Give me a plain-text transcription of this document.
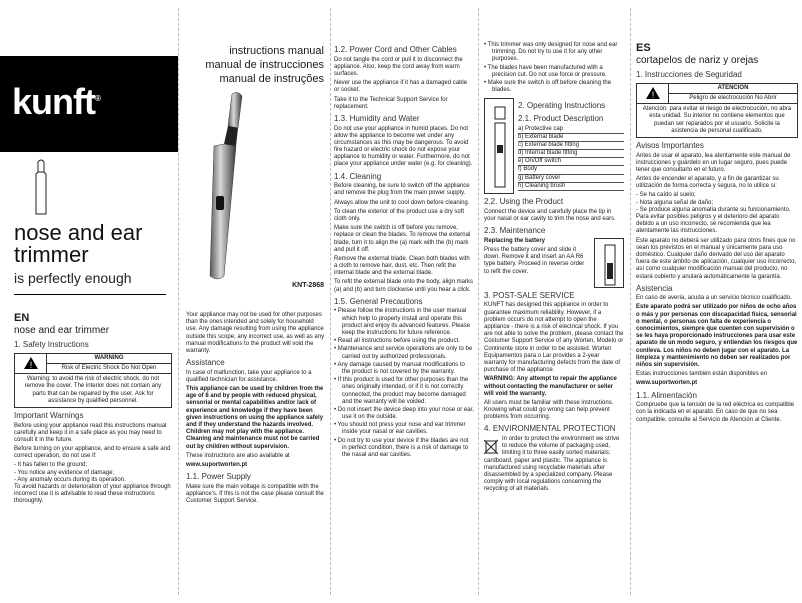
kunft®
nose and ear
trimmer
is perfectly enough
EN
nose and ear trimmer
1. Safety Instructions
!
WARNING
Risk of Electric Shock Do Not Open
Warning: to avoid the risk of electric shock, do not remove the cover. The interior does not contain any parts that can be repaired by the user. Ask for assistance by qualified personnel.
Important Warnings

Before using your appliance read this instructions manual carefully and keep it in a safe place as you may need to consult it in the future.

Before turning on your appliance, and to ensure a safe and correct operation, do not use if:

- It has fallen to the ground;
- You notice any evidence of damage;
- Any anomaly occurs during its operation.

To avoid hazards or deterioration of your appliance through incorrect use it is advisable to read these instructions thoroughly.

instructions manual
manual de instrucciones
manual de instruções
KNT-2868

Your appliance may not be used for other purposes than the ones intended and solely for household use. Any damage resulting from using the appliance outside this scope, any incorrect use, as well as any manual modifications to the product will void the warranty.

Assistance

In case of malfunction, take your appliance to a qualified technician for assistance.

This appliance can be used by children from the age of 8 and by people with reduced physical, sensorial or mental capabilities and/or lack of experience and knowledge if they have been given instructions on using the appliance safely and if they understand the hazards involved. Children may not play with the appliance. Cleaning and maintenance must not be carried out by children without supervision.

These instructions are also available at

www.suportworten.pt

1.1. Power Supply

Make sure the main voltage is compatible with the appliance's. If this is not the case please consult the Customer Support Service.

1.2. Power Cord and Other Cables

Do not tangle the cord or pull it to disconnect the appliance. Also, keep the cord away from warm surfaces.

Never use the appliance if it has a damaged cable or socket.

Take it to the Technical Support Service for replacement.

1.3. Humidity and Water

Do not use your appliance in humid places. Do not allow the appliance to become wet under any circumstances as this may be dangerous. To avoid fire hazard or electric shock do not expose your appliance to humidity or water. Furthermore, do not place your appliance under water (e.g. for cleaning).

1.4. Cleaning

Before cleaning, be sure to switch off the appliance and remove the plug from the main power supply.

Always allow the unit to cool down before cleaning.

To clean the exterior of the product use a dry soft cloth only.

Make sure the switch is off before you remove, replace or clean the blades. To remove the external blade, turn it to align the (a) mark with the (b) mark and pull it off.

Remove the external blade. Clean both blades with a cloth to remove hair, dust, etc. Then refit the internal blade and the external blade.

To refit the external blade onto the body, align marks (a) and (b) and turn clockwise until you hear a click.

1.5. General Precautions
• Please follow the instructions in the user manual which help to properly install and operate this product and enjoy its advanced features. Please keep the instructions for future reference.
• Read all instructions before using the product.
• Maintenance and service operations are only to be carried out by authorized professionals.
• Any damage caused by manual modifications to the product is not covered by the warranty.
• If this product is used for other purposes than the ones originally intended, or if it is not correctly connected, the product may become damaged and the warranty will be voided.
• Do not insert the device deep into your nose or ear, use it on the outside.
• You should not press your nose and ear trimmer inside your nasal or ear cavities.
• Do not try to use your device if the blades are not in perfect condition, there is a risk of damage to the nasal and ear cavities.
• This trimmer was only designed for nose and ear trimming. Do not try to use it for any other purposes.
• The blades have been manufactured with a precision cut. Do not use force or pressure.
• Make sure the switch is off before cleaning the blades.
2. Operating Instructions
2.1. Product Description
a) Protective cap
b) External blade
c) External blade fitting
d) Internal blade fitting
e) On/Off switch
f) Body
g) Battery cover
h) Cleaning brush
2.2. Using the Product

Connect the device and carefully place the tip in your nasal or ear cavity to trim the nose and ears.

2.3. Maintenance

Replacing the battery

Press the battery cover and slide it down. Remove it and insert an AA R6 type battery. Proceed in reverse order to refit the cover.

3. POST-SALE SERVICE

KUNFT has designed this appliance in order to guarantee maximum reliability. However, if a problem occurs do not attempt to open the appliance - there is a risk of electrical shock. If you are not able to solve the problem, please contact the Costumer Support Service of any Worten, Modelo or Continente store in order to be assisted. Worten Equipamentos para o Lar provides a 2-year warranty for manufacturing defects from the date of purchase of the appliance.

WARNING: Any attempt to repair the appliance without contacting the manufacturer or seller will void the warranty.

All users must be familiar with these instructions. Knowing what could go wrong can help prevent problems from occurring.

4. ENVIRONMENTAL PROTECTION

In order to protect the environment we strive to reduce the volume of packaging used, limiting it to three easily sorted materials: cardboard, paper and plastic. The appliance is manufactured using recyclable materials after disassembled by a specialized company. Please comply with local regulations concerning the recycling of all materials.

ES
cortapelos de nariz y orejas
1. Instrucciones de Seguridad
!
ATENCIÓN
Peligro de electrocución No Abrir
Atención: para evitar el riesgo de electrocución, no abra esta unidad. Su interior no contiene elementos que puedan ser reparados por el usuario. Solicite la asistencia de personal cualificado.
Avisos Importantes

Antes de usar el aparato, lea atentamente este manual de instrucciones y guárdelo en un lugar seguro, pues puede tener que consultarlo en el futuro.

Antes de encender el aparato, y a fin de garantizar su utilización de forma correcta y segura, no lo utilice si:

- Se ha caído al suelo;
- Nota alguna señal de daño;
- Se produce alguna anomalía durante su funcionamiento.

Para evitar posibles peligros y el deterioro del aparato debido a un uso incorrecto, se recomienda que lea atentamente las instrucciones.

Este aparato no deberá ser utilizado para otros fines que no sean los previstos en el manual y únicamente para uso doméstico. Cualquier daño derivado del uso del aparato fuera de este ámbito de aplicación, cualquier uso incorrecto, así como cualquier modificación manual del producto, no estará cubierto y anulará automáticamente la garantía.

Asistencia

En caso de avería, acuda a un servicio técnico cualificado.

Este aparato podrá ser utilizado por niños de ocho años o más y por personas con discapacidad física, sensorial o mental, o personas con falta de experiencia o conocimientos, siempre que cuenten con supervisión o se les haya proporcionado instrucciones para usar este aparato de un modo seguro, y entiendan los riesgos que conlleva. Los niños no deben jugar con el aparato. La limpieza y mantenimiento no deben ser realizados por niños sin supervisión.

Estas instrucciones también están disponibles en

www.suportworten.pt

1.1. Alimentación

Compruebe que la tensión de la red eléctrica es compatible con la indicada en el aparato. En caso de que no sea compatible, consulte al Servicio de Atención al Cliente.
